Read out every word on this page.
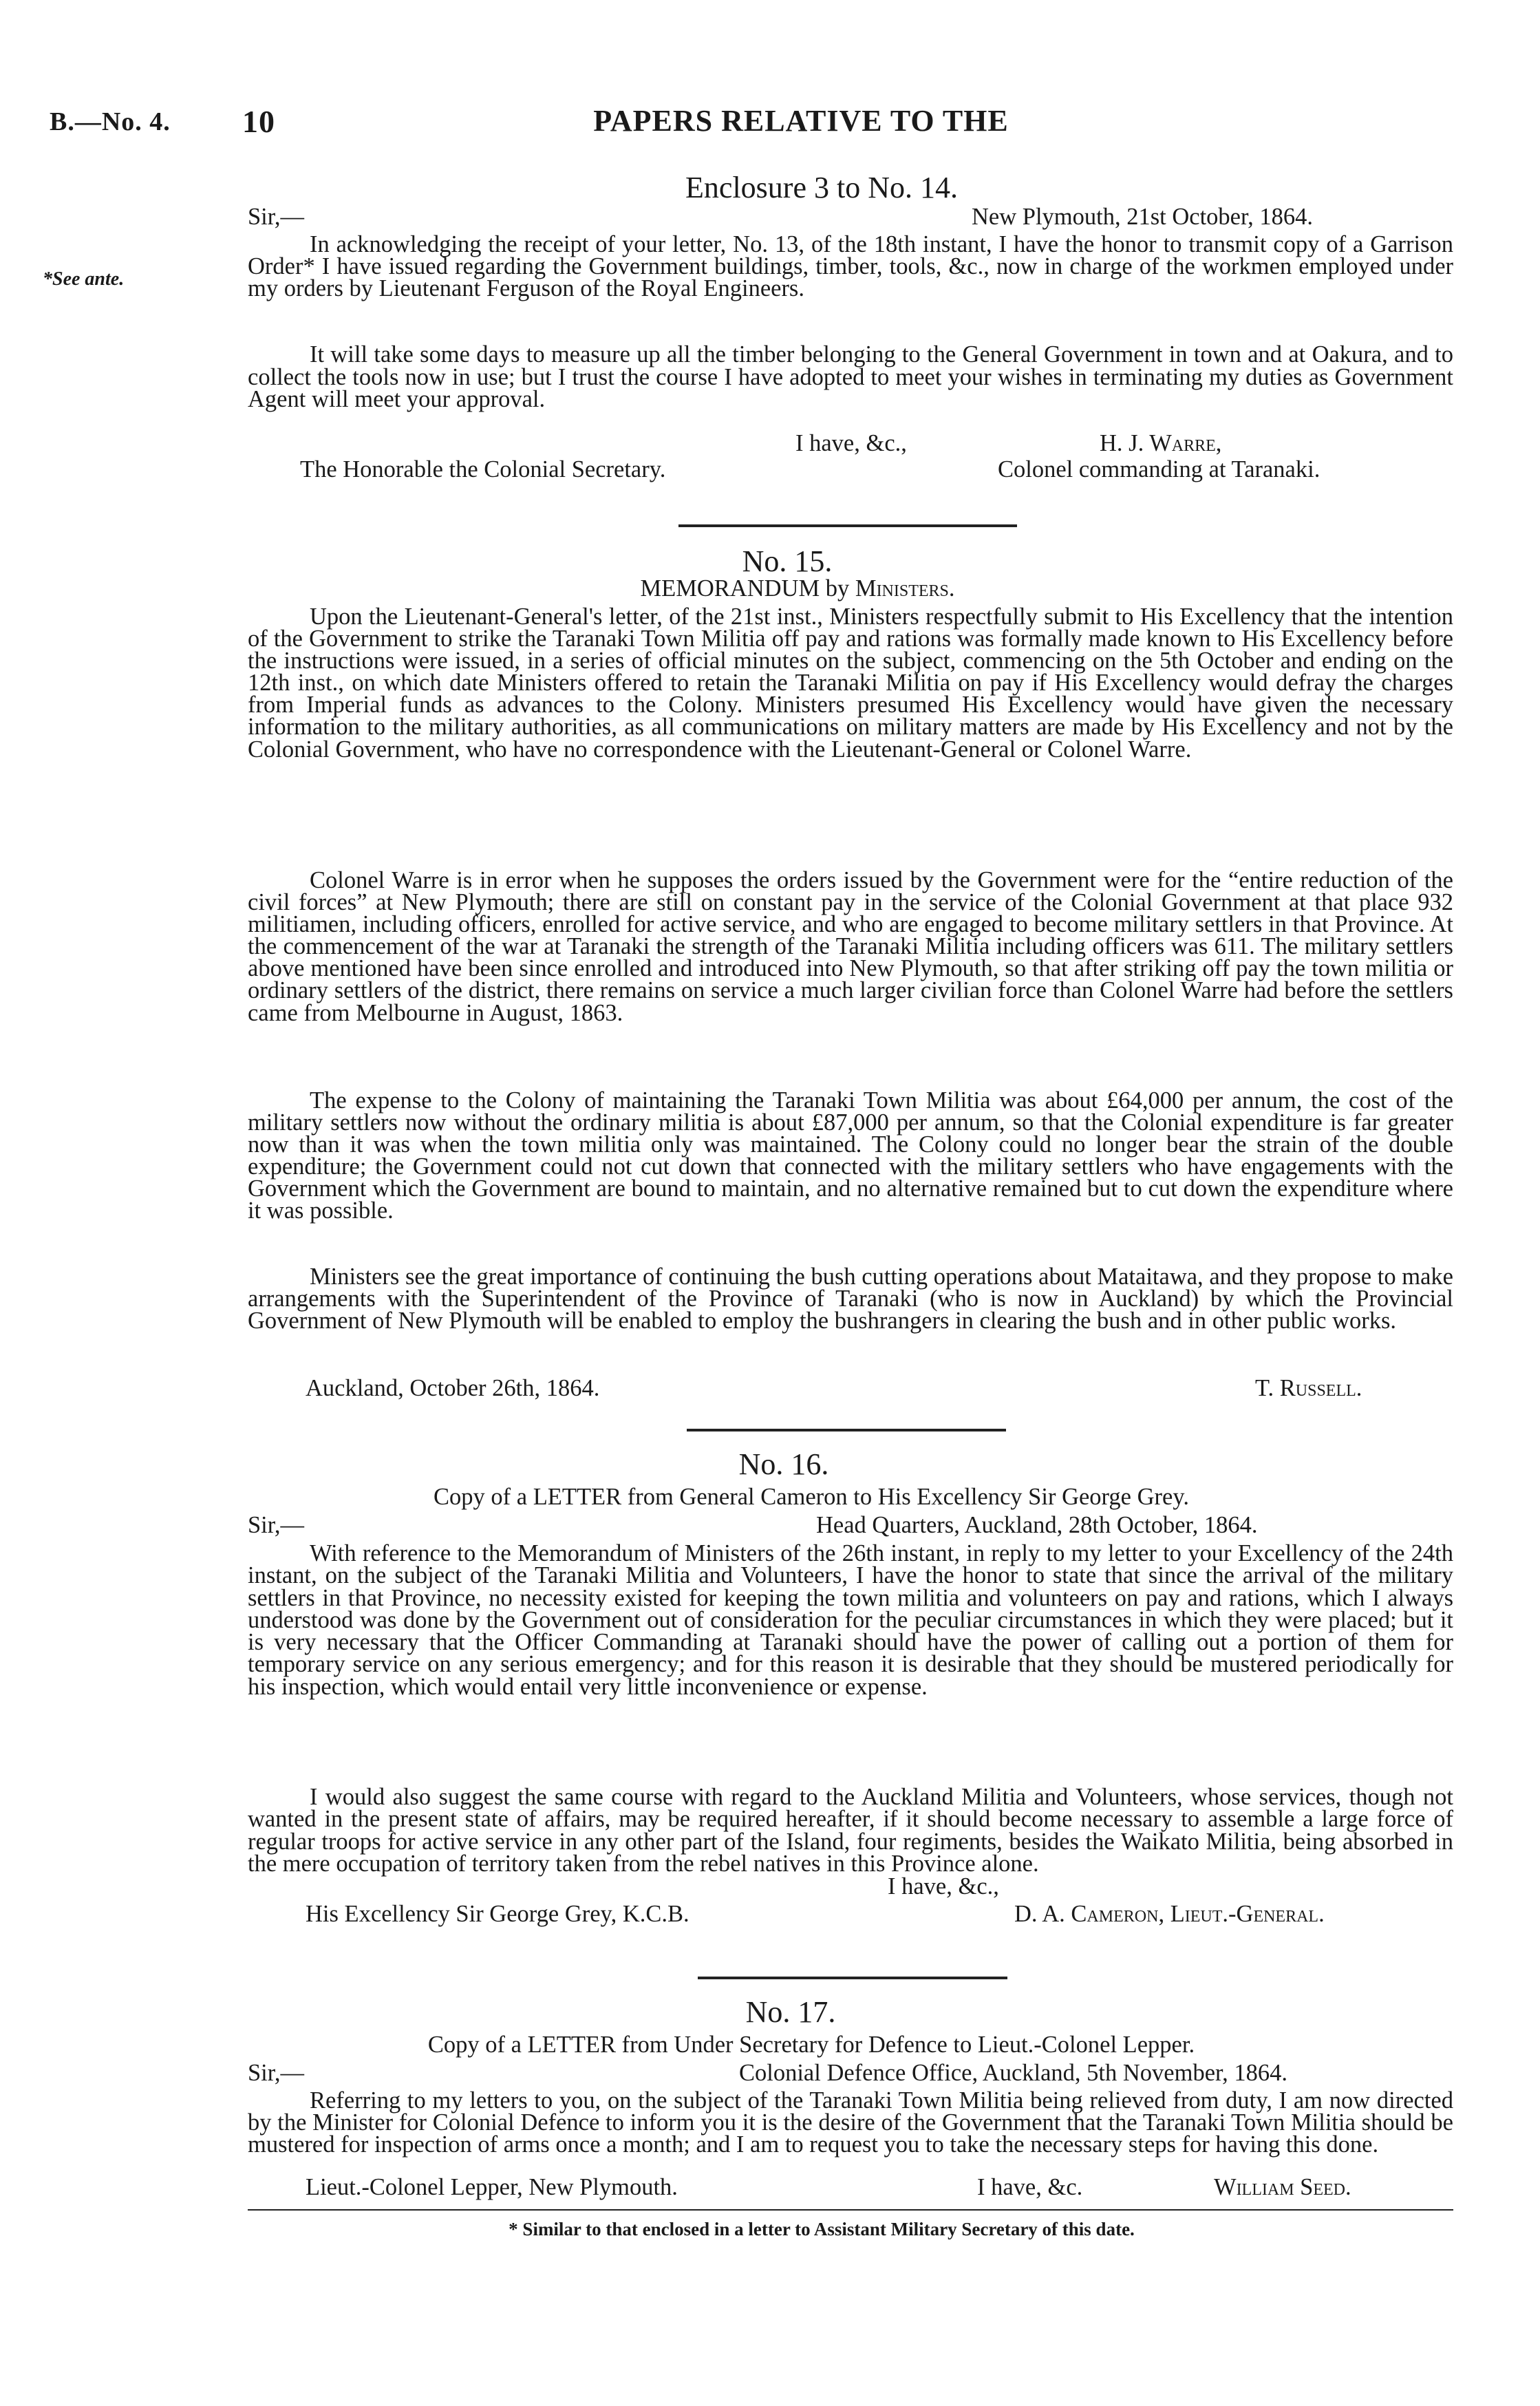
B.—No. 4. 10	PAPERS RELATIVE TO THE
Enclosure 3 to No. 14.
Sir,—	New Plymouth, 21st October, 1864.
*See ante.
In acknowledging the receipt of your letter, No. 13, of the 18th instant, I have the honor to transmit copy of a Garrison Order* I have issued regarding the Government buildings, timber, tools, &c., now in charge of the workmen employed under my orders by Lieutenant Ferguson of the Royal Engineers.
It will take some days to measure up all the timber belonging to the General Government in town and at Oakura, and to collect the tools now in use; but I trust the course I have adopted to meet your wishes in terminating my duties as Government Agent will meet your approval.
I have, &c.,	H. J. Warre,
The Honorable the Colonial Secretary.	Colonel commanding at Taranaki.
No. 15.
MEMORANDUM by Ministers.
Upon the Lieutenant-General's letter, of the 21st inst., Ministers respectfully submit to His Excellency that the intention of the Government to strike the Taranaki Town Militia off pay and rations was formally made known to His Excellency before the instructions were issued, in a series of official minutes on the subject, commencing on the 5th October and ending on the 12th inst., on which date Ministers offered to retain the Taranaki Militia on pay if His Excellency would defray the charges from Imperial funds as advances to the Colony. Ministers presumed His Excellency would have given the necessary information to the military authorities, as all communications on military matters are made by His Excellency and not by the Colonial Government, who have no correspondence with the Lieutenant-General or Colonel Warre.
Colonel Warre is in error when he supposes the orders issued by the Government were for the “entire reduction of the civil forces” at New Plymouth; there are still on constant pay in the service of the Colonial Government at that place 932 militiamen, including officers, enrolled for active service, and who are engaged to become military settlers in that Province. At the commencement of the war at Taranaki the strength of the Taranaki Militia including officers was 611. The military settlers above mentioned have been since enrolled and introduced into New Plymouth, so that after striking off pay the town militia or ordinary settlers of the district, there remains on service a much larger civilian force than Colonel Warre had before the settlers came from Melbourne in August, 1863.
The expense to the Colony of maintaining the Taranaki Town Militia was about £64,000 per annum, the cost of the military settlers now without the ordinary militia is about £87,000 per annum, so that the Colonial expenditure is far greater now than it was when the town militia only was maintained. The Colony could no longer bear the strain of the double expenditure; the Government could not cut down that connected with the military settlers who have engagements with the Government which the Government are bound to maintain, and no alternative remained but to cut down the expenditure where it was possible.
Ministers see the great importance of continuing the bush cutting operations about Mataitawa, and they propose to make arrangements with the Superintendent of the Province of Taranaki (who is now in Auckland) by which the Provincial Government of New Plymouth will be enabled to employ the bushrangers in clearing the bush and in other public works.
Auckland, October 26th, 1864.	T. Russell.
No. 16.
Copy of a LETTER from General Cameron to His Excellency Sir George Grey.
Sir,—	Head Quarters, Auckland, 28th October, 1864.
With reference to the Memorandum of Ministers of the 26th instant, in reply to my letter to your Excellency of the 24th instant, on the subject of the Taranaki Militia and Volunteers, I have the honor to state that since the arrival of the military settlers in that Province, no necessity existed for keeping the town militia and volunteers on pay and rations, which I always understood was done by the Government out of consideration for the peculiar circumstances in which they were placed; but it is very necessary that the Officer Commanding at Taranaki should have the power of calling out a portion of them for temporary service on any serious emergency; and for this reason it is desirable that they should be mustered periodically for his inspection, which would entail very little inconvenience or expense.
I would also suggest the same course with regard to the Auckland Militia and Volunteers, whose services, though not wanted in the present state of affairs, may be required hereafter, if it should become necessary to assemble a large force of regular troops for active service in any other part of the Island, four regiments, besides the Waikato Militia, being absorbed in the mere occupation of territory taken from the rebel natives in this Province alone.
I have, &c.,
His Excellency Sir George Grey, K.C.B.	D. A. Cameron, Lieut.-General.
No. 17.
Copy of a LETTER from Under Secretary for Defence to Lieut.-Colonel Lepper.
Sir,—	Colonial Defence Office, Auckland, 5th November, 1864.
Referring to my letters to you, on the subject of the Taranaki Town Militia being relieved from duty, I am now directed by the Minister for Colonial Defence to inform you it is the desire of the Government that the Taranaki Town Militia should be mustered for inspection of arms once a month; and I am to request you to take the necessary steps for having this done.
Lieut.-Colonel Lepper, New Plymouth.	I have, &c.	William Seed.
* Similar to that enclosed in a letter to Assistant Military Secretary of this date.
